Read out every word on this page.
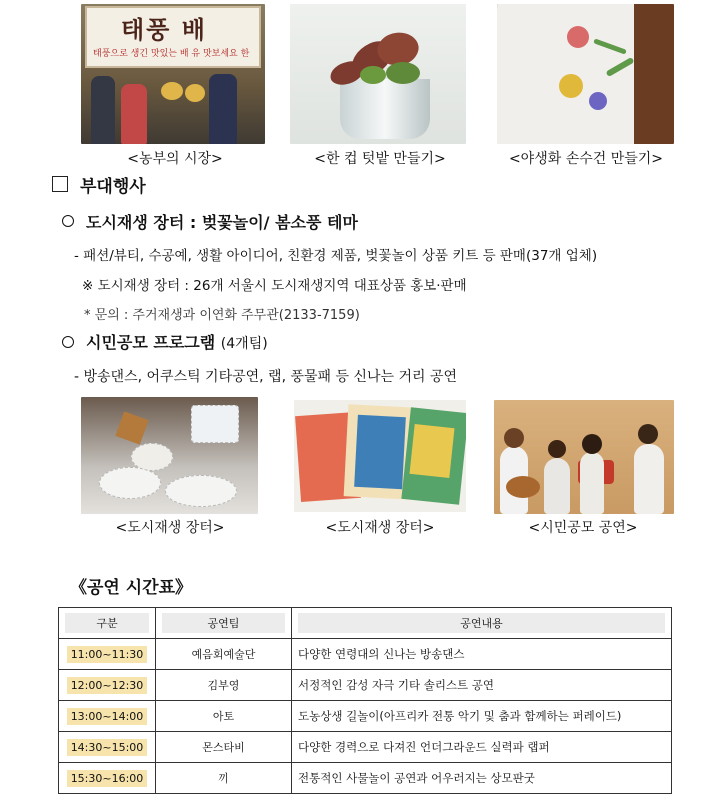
태풍 배
태풍으로 생긴 맛있는 배 유 맛보세요 한
<농부의 시장>	<한 컵 텃밭 만들기>	<야생화 손수건 만들기>
부대행사
도시재생 장터 : 벚꽃놀이/ 봄소풍 테마
- 패션/뷰티, 수공예, 생활 아이디어, 친환경 제품, 벚꽃놀이 상품 키트 등 판매(37개 업체)
※ 도시재생 장터 : 26개 서울시 도시재생지역 대표상품 홍보·판매
* 문의 : 주거재생과 이연화 주무관(2133-7159)
시민공모 프로그램 (4개팀)
- 방송댄스, 어쿠스틱 기타공연, 랩, 풍물패 등 신나는 거리 공연
<도시재생 장터>	<도시재생 장터>	<시민공모 공연>
《공연 시간표》
구분	공연팀	공연내용

11:00~11:30	예음회예술단	다양한 연령대의 신나는 방송댄스

12:00~12:30	김부영	서정적인 감성 자극 기타 솔리스트 공연

13:00~14:00	아토	도농상생 길놀이(아프리카 전통 악기 및 춤과 함께하는 퍼레이드)

14:30~15:00	몬스타비	다양한 경력으로 다져진 언더그라운드 실력파 랩퍼

15:30~16:00	끼	전통적인 사물놀이 공연과 어우러지는 상모판굿
